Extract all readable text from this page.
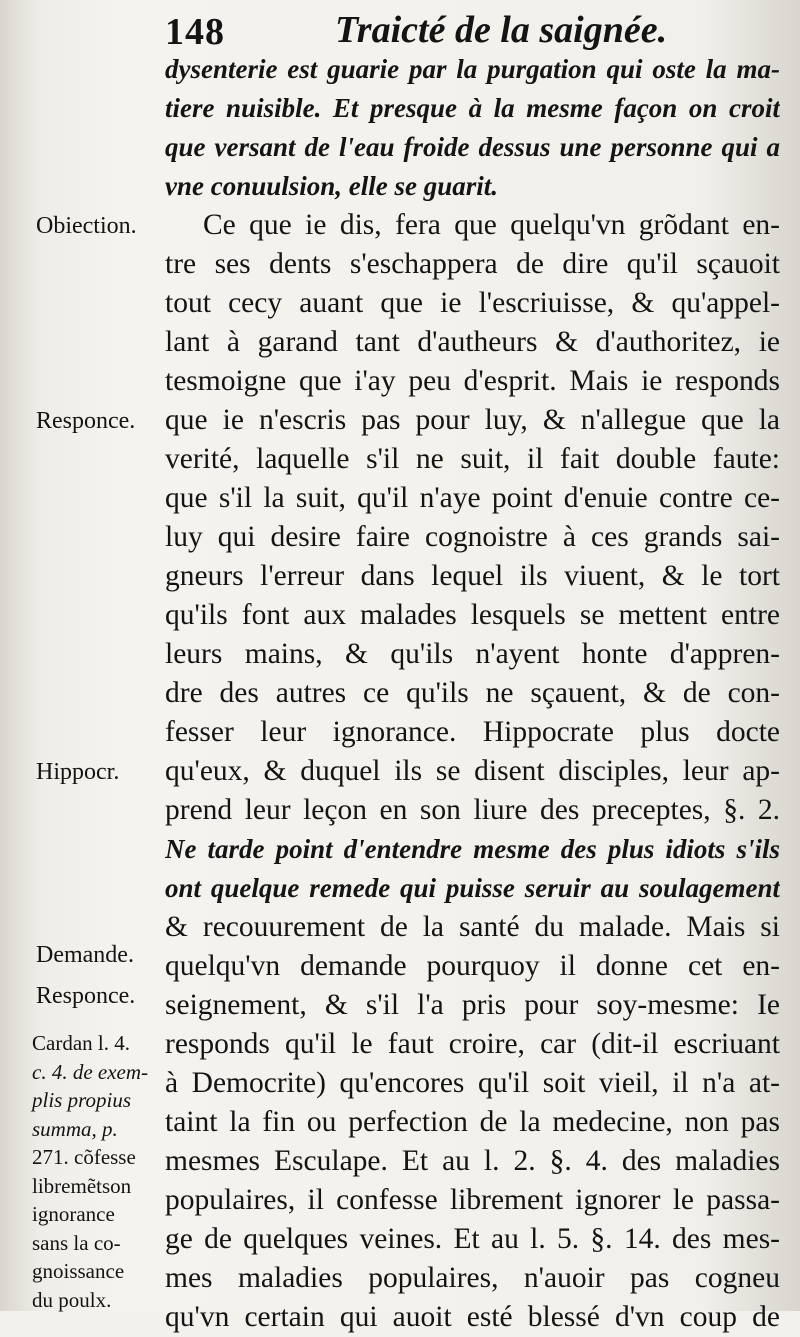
148	Traicté de la saignée.
dysenterie est guarie par la purgation qui oste la ma-
tiere nuisible. Et presque à la mesme façon on croit
que versant de l'eau froide dessus une personne qui a
vne conuulsion, elle se guarit.
Ce que ie dis, fera que quelqu'vn grõdant en-
tre ses dents s'eschappera de dire qu'il sçauoit
tout cecy auant que ie l'escriuisse, & qu'appel-
lant à garand tant d'autheurs & d'authoritez, ie
tesmoigne que i'ay peu d'esprit. Mais ie responds
que ie n'escris pas pour luy, & n'allegue que la
verité, laquelle s'il ne suit, il fait double faute:
que s'il la suit, qu'il n'aye point d'enuie contre ce-
luy qui desire faire cognoistre à ces grands sai-
gneurs l'erreur dans lequel ils viuent, & le tort
qu'ils font aux malades lesquels se mettent entre
leurs mains, & qu'ils n'ayent honte d'appren-
dre des autres ce qu'ils ne sçauent, & de con-
fesser leur ignorance. Hippocrate plus docte
qu'eux, & duquel ils se disent disciples, leur ap-
prend leur leçon en son liure des preceptes, §. 2.
Ne tarde point d'entendre mesme des plus idiots s'ils
ont quelque remede qui puisse seruir au soulagement
& recouurement de la santé du malade. Mais si
quelqu'vn demande pourquoy il donne cet en-
seignement, & s'il l'a pris pour soy-mesme: Ie
responds qu'il le faut croire, car (dit-il escriuant
à Democrite) qu'encores qu'il soit vieil, il n'a at-
taint la fin ou perfection de la medecine, non pas
mesmes Esculape. Et au l. 2. §. 4. des maladies
populaires, il confesse librement ignorer le passa-
ge de quelques veines. Et au l. 5. §. 14. des mes-
mes maladies populaires, n'auoir pas cogneu
qu'vn certain qui auoit esté blessé d'vn coup de
Obiection.
Responce.
Hippocr.
Demande.
Responce.
Cardan l. 4.
c. 4. de exem-
plis propius
summa, p.
271. cõfesse
libremẽtson
ignorance
sans la co-
gnoissance
du poulx.
